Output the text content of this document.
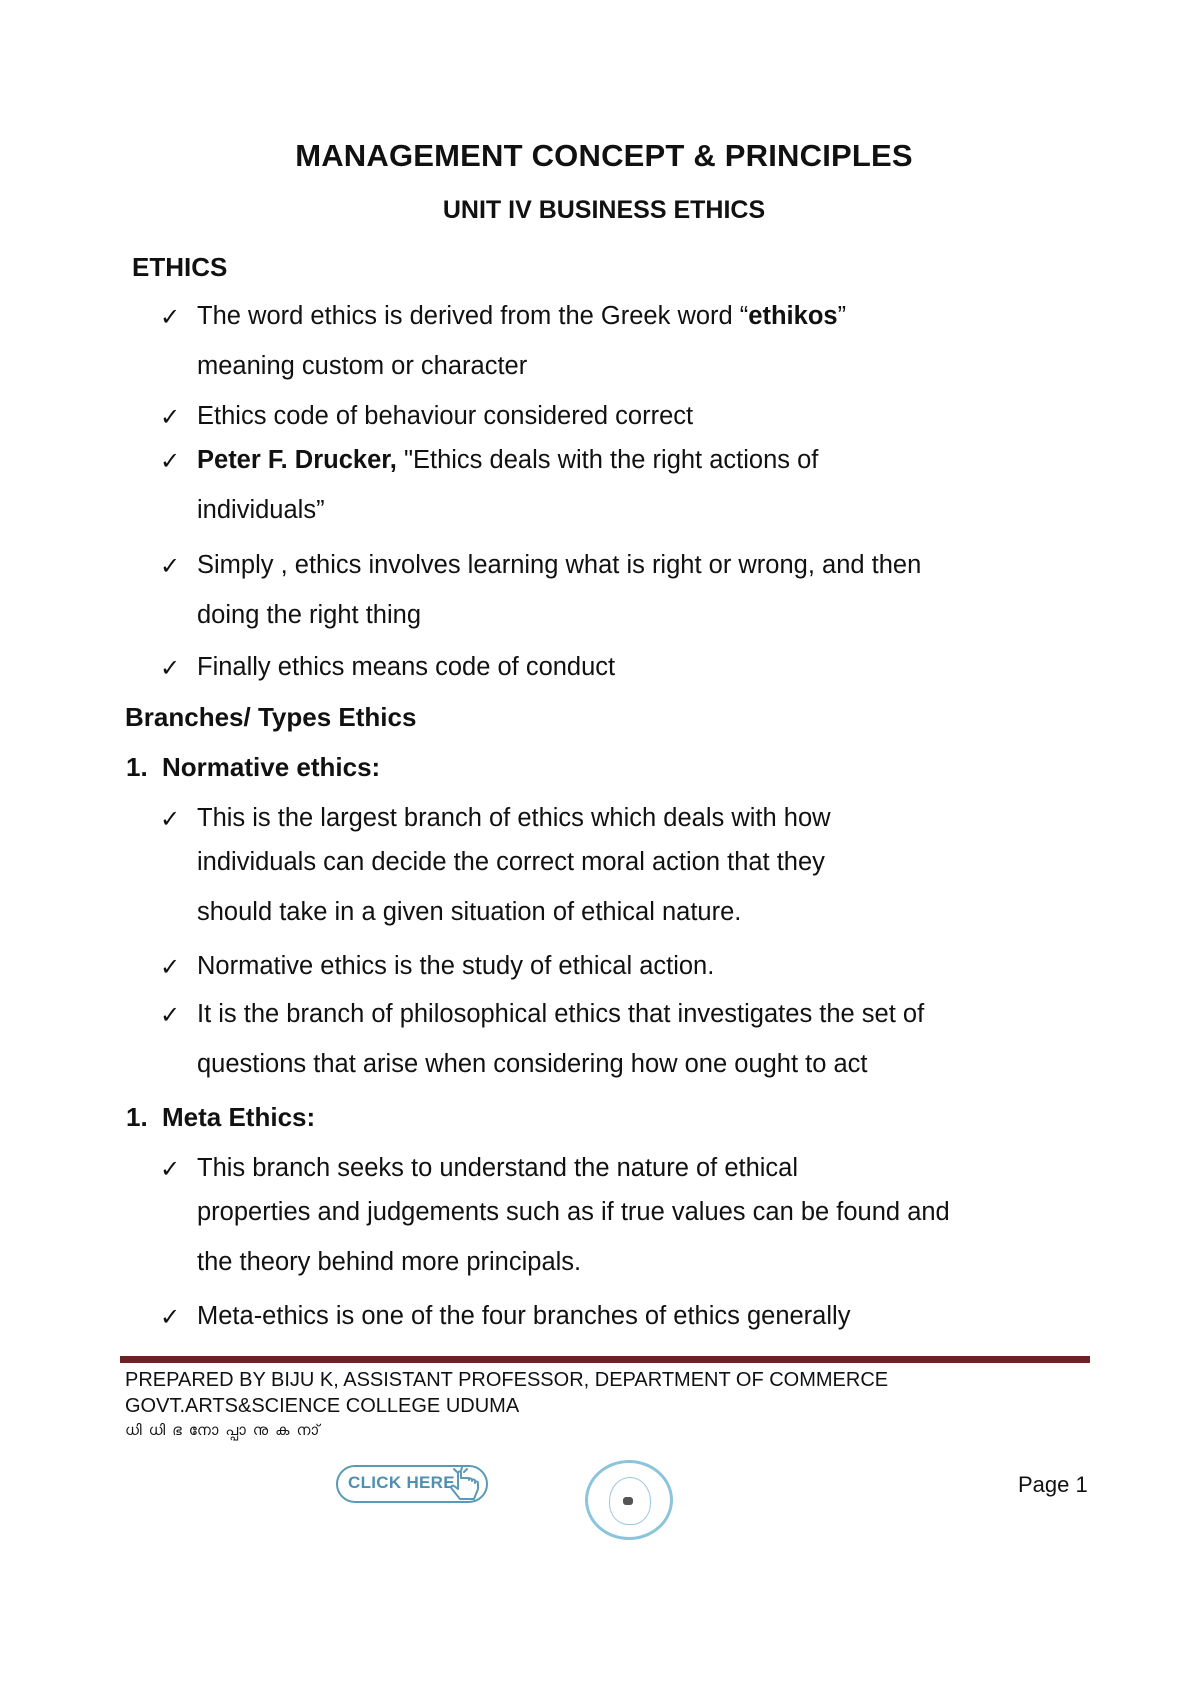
MANAGEMENT CONCEPT & PRINCIPLES
UNIT IV BUSINESS ETHICS
ETHICS
✓ The word ethics is derived from the Greek word “ethikos”
meaning custom or character
✓ Ethics code of behaviour considered correct
✓ Peter F. Drucker, "Ethics deals with the right actions of
individuals”
✓ Simply , ethics involves learning what is right or wrong, and then
doing the right thing
✓ Finally ethics means code of conduct
Branches/ Types Ethics
1. Normative ethics:
✓ This is the largest branch of ethics which deals with how
individuals can decide the correct moral action that they
should take in a given situation of ethical nature.
✓ Normative ethics is the study of ethical action.
✓ It is the branch of philosophical ethics that investigates the set of
questions that arise when considering how one ought to act
1. Meta Ethics:
✓ This branch seeks to understand the nature of ethical
properties and judgements such as if true values can be found and
the theory behind more principals.
✓ Meta-ethics is one of the four branches of ethics generally
PREPARED BY BIJU K, ASSISTANT PROFESSOR, DEPARTMENT OF COMMERCE
GOVT.ARTS&SCIENCE COLLEGE UDUMA
ധിധിഭനോപ്പാനുകനാ്
CLICK HERE	Page 1
